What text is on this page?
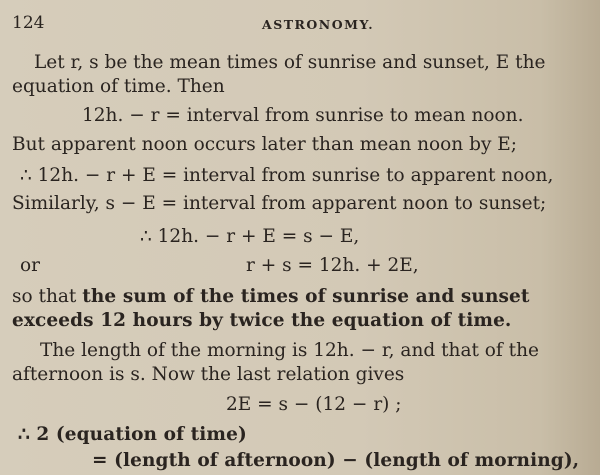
124	ASTRONOMY.
Let r, s be the mean times of sunrise and sunset, E the
equation of time. Then
12h. − r = interval from sunrise to mean noon.
But apparent noon occurs later than mean noon by E;
∴ 12h. − r + E = interval from sunrise to apparent noon,
Similarly, s − E = interval from apparent noon to sunset;
∴ 12h. − r + E = s − E,
or	r + s = 12h. + 2E,
so that the sum of the times of sunrise and sunset
exceeds 12 hours by twice the equation of time.
The length of the morning is 12h. − r, and that of the
afternoon is s. Now the last relation gives
2E = s − (12 − r) ;
∴ 2 (equation of time)
= (length of afternoon) − (length of morning),
